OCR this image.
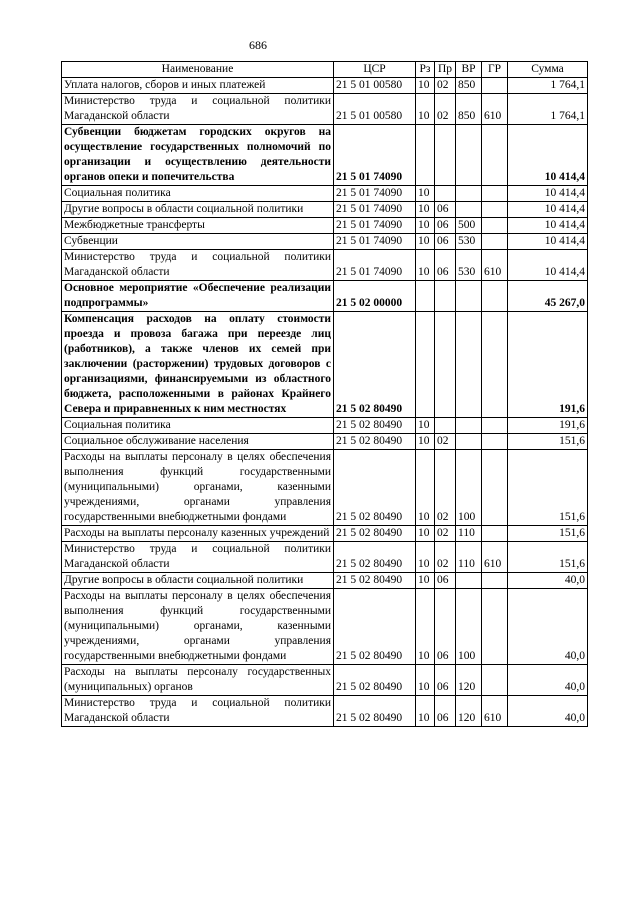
686
Наименование	ЦСР	Рз	Пр	ВР	ГР	Сумма
Уплата налогов, сборов и иных платежей	21 5 01 00580	10	02	850		1 764,1
Министерство труда и социальной политики Магаданской области	21 5 01 00580	10	02	850	610	1 764,1
Субвенции бюджетам городских округов на осуществление государственных полномочий по организации и осуществлению деятельности органов опеки и попечительства	21 5 01 74090					10 414,4
Социальная политика	21 5 01 74090	10				10 414,4
Другие вопросы в области социальной политики	21 5 01 74090	10	06			10 414,4
Межбюджетные трансферты	21 5 01 74090	10	06	500		10 414,4
Субвенции	21 5 01 74090	10	06	530		10 414,4
Министерство труда и социальной политики Магаданской области	21 5 01 74090	10	06	530	610	10 414,4
Основное мероприятие «Обеспечение реализации подпрограммы»	21 5 02 00000					45 267,0
Компенсация расходов на оплату стоимости проезда и провоза багажа при переезде лиц (работников), а также членов их семей при заключении (расторжении) трудовых договоров с организациями, финансируемыми из областного бюджета, расположенными в районах Крайнего Севера и приравненных к ним местностях	21 5 02 80490					191,6
Социальная политика	21 5 02 80490	10				191,6
Социальное обслуживание населения	21 5 02 80490	10	02			151,6
Расходы на выплаты персоналу в целях обеспечения выполнения функций государственными (муниципальными) органами, казенными учреждениями, органами управления государственными внебюджетными фондами	21 5 02 80490	10	02	100		151,6
Расходы на выплаты персоналу казенных учреждений	21 5 02 80490	10	02	110		151,6
Министерство труда и социальной политики Магаданской области	21 5 02 80490	10	02	110	610	151,6
Другие вопросы в области социальной политики	21 5 02 80490	10	06			40,0
Расходы на выплаты персоналу в целях обеспечения выполнения функций государственными (муниципальными) органами, казенными учреждениями, органами управления государственными внебюджетными фондами	21 5 02 80490	10	06	100		40,0
Расходы на выплаты персоналу государственных (муниципальных) органов	21 5 02 80490	10	06	120		40,0
Министерство труда и социальной политики Магаданской области	21 5 02 80490	10	06	120	610	40,0
